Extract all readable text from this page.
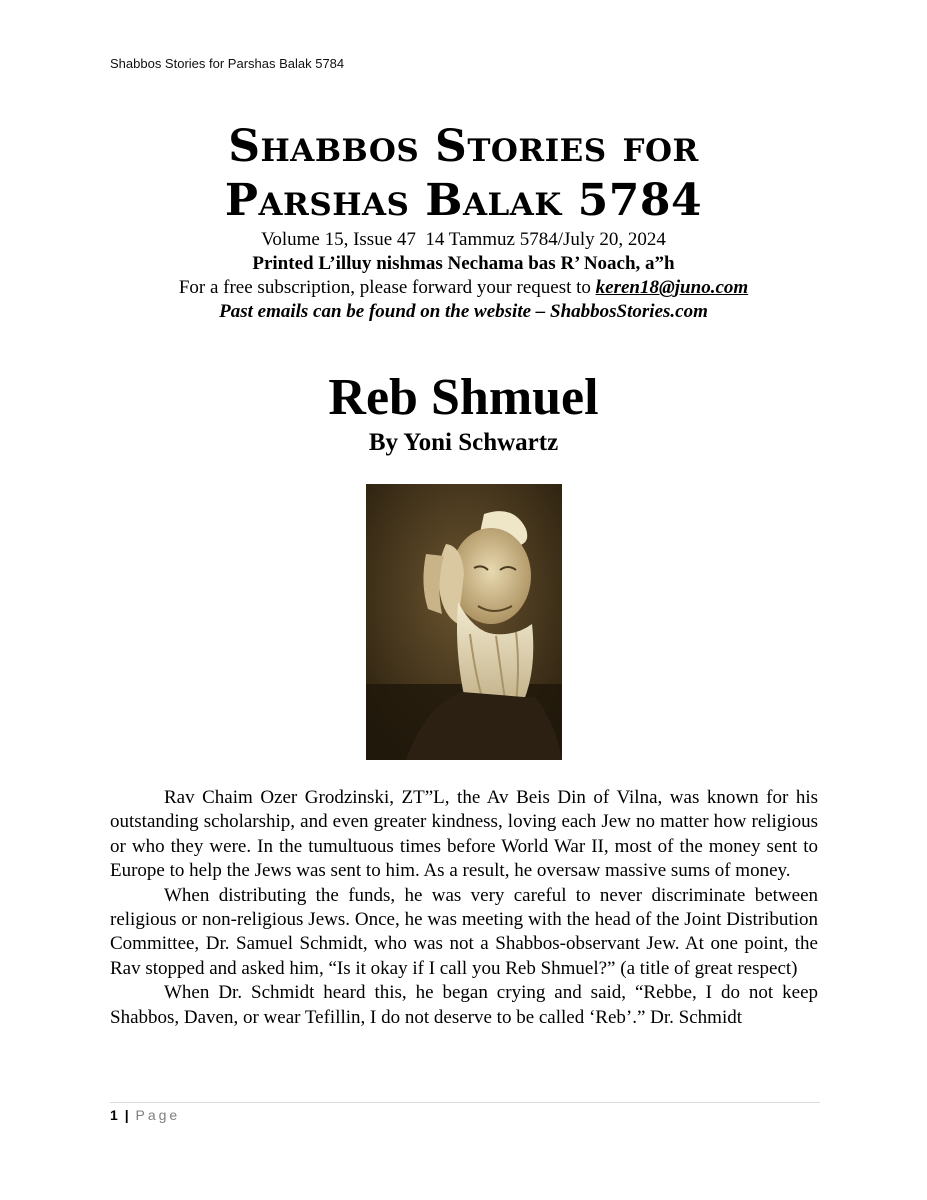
Shabbos Stories for Parshas Balak 5784
Shabbos Stories for
Parshas Balak 5784
Volume 15, Issue 47  14 Tammuz 5784/July 20, 2024
Printed L’illuy nishmas Nechama bas R’ Noach, a”h
For a free subscription, please forward your request to keren18@juno.com
Past emails can be found on the website – ShabbosStories.com
Reb Shmuel
By Yoni Schwartz

Rav Chaim Ozer Grodzinski, ZT”L, the Av Beis Din of Vilna, was known for his outstanding scholarship, and even greater kindness, loving each Jew no matter how religious or who they were. In the tumultuous times before World War II, most of the money sent to Europe to help the Jews was sent to him. As a result, he oversaw massive sums of money.

When distributing the funds, he was very careful to never discriminate between religious or non-religious Jews. Once, he was meeting with the head of the Joint Distribution Committee, Dr. Samuel Schmidt, who was not a Shabbos-observant Jew. At one point, the Rav stopped and asked him, “Is it okay if I call you Reb Shmuel?” (a title of great respect)

When Dr. Schmidt heard this, he began crying and said, “Rebbe, I do not keep Shabbos, Daven, or wear Tefillin, I do not deserve to be called ‘Reb’.” Dr. Schmidt

1 | Page
